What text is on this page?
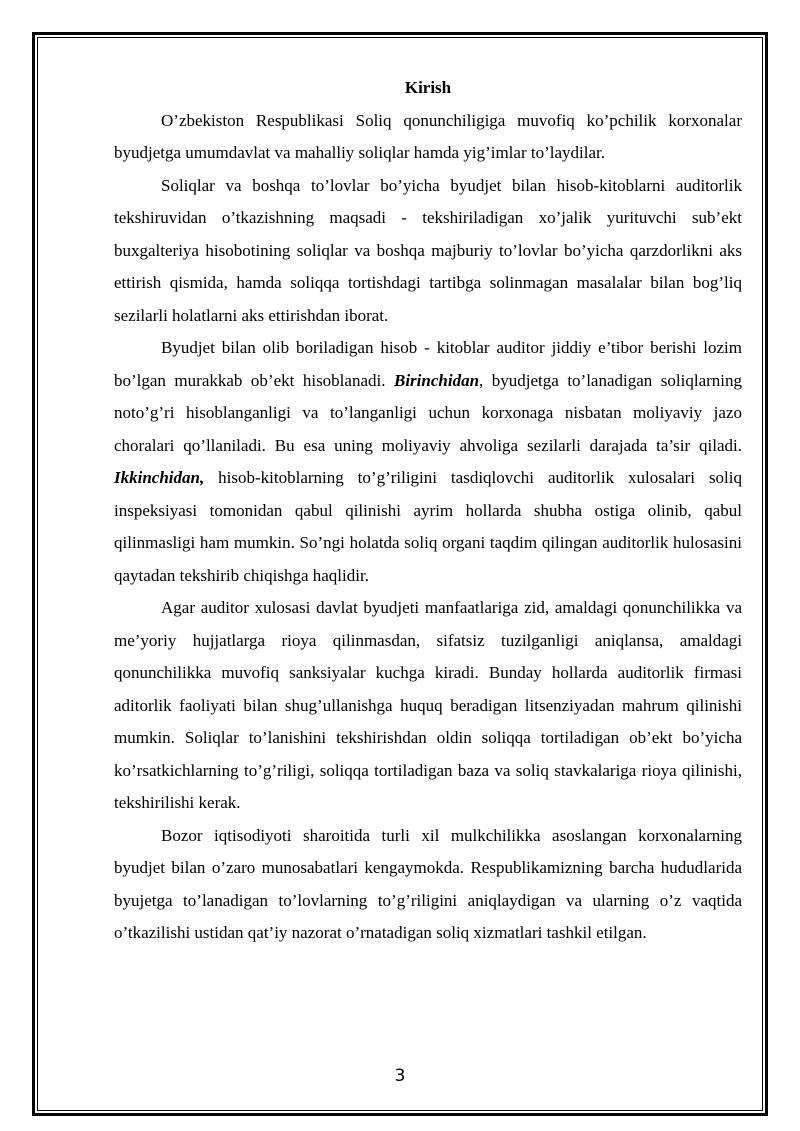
Kirish

O’zbekiston Respublikasi Soliq qonunchiligiga muvofiq ko’pchilik korxonalar byudjetga umumdavlat va mahalliy soliqlar hamda yig’imlar to’laydilar.

Soliqlar va boshqa to’lovlar bo’yicha byudjet bilan hisob-kitoblarni auditorlik tekshiruvidan o’tkazishning maqsadi - tekshiriladigan xo’jalik yurituvchi sub’ekt buxgalteriya hisobotining soliqlar va boshqa majburiy to’lovlar bo’yicha qarzdorlikni aks ettirish qismida, hamda soliqqa tortishdagi tartibga solinmagan masalalar bilan bog’liq sezilarli holatlarni aks ettirishdan iborat.

Byudjet bilan olib boriladigan hisob - kitoblar auditor jiddiy e’tibor berishi lozim bo’lgan murakkab ob’ekt hisoblanadi. Birinchidan, byudjetga to’lanadigan soliqlarning noto’g’ri hisoblanganligi va to’langanligi uchun korxonaga nisbatan moliyaviy jazo choralari qo’llaniladi. Bu esa uning moliyaviy ahvoliga sezilarli darajada ta’sir qiladi. Ikkinchidan, hisob-kitoblarning to’g’riligini tasdiqlovchi auditorlik xulosalari soliq inspeksiyasi tomonidan qabul qilinishi ayrim hollarda shubha ostiga olinib, qabul qilinmasligi ham mumkin. So’ngi holatda soliq organi taqdim qilingan auditorlik hulosasini qaytadan tekshirib chiqishga haqlidir.

Agar auditor xulosasi davlat byudjeti manfaatlariga zid, amaldagi qonunchilikka va me’yoriy hujjatlarga rioya qilinmasdan, sifatsiz tuzilganligi aniqlansa, amaldagi qonunchilikka muvofiq sanksiyalar kuchga kiradi. Bunday hollarda auditorlik firmasi aditorlik faoliyati bilan shug’ullanishga huquq beradigan litsenziyadan mahrum qilinishi mumkin. Soliqlar to’lanishini tekshirishdan oldin soliqqa tortiladigan ob’ekt bo’yicha ko’rsatkichlarning to’g’riligi, soliqqa tortiladigan baza va soliq stavkalariga rioya qilinishi, tekshirilishi kerak.

Bozor iqtisodiyoti sharoitida turli xil mulkchilikka asoslangan korxonalarning byudjet bilan o’zaro munosabatlari kengaymokda. Respublikamizning barcha hududlarida byujetga to’lanadigan to’lovlarning to’g’riligini aniqlaydigan va ularning o’z vaqtida o’tkazilishi ustidan qat’iy nazorat o’rnatadigan soliq xizmatlari tashkil etilgan.

3
